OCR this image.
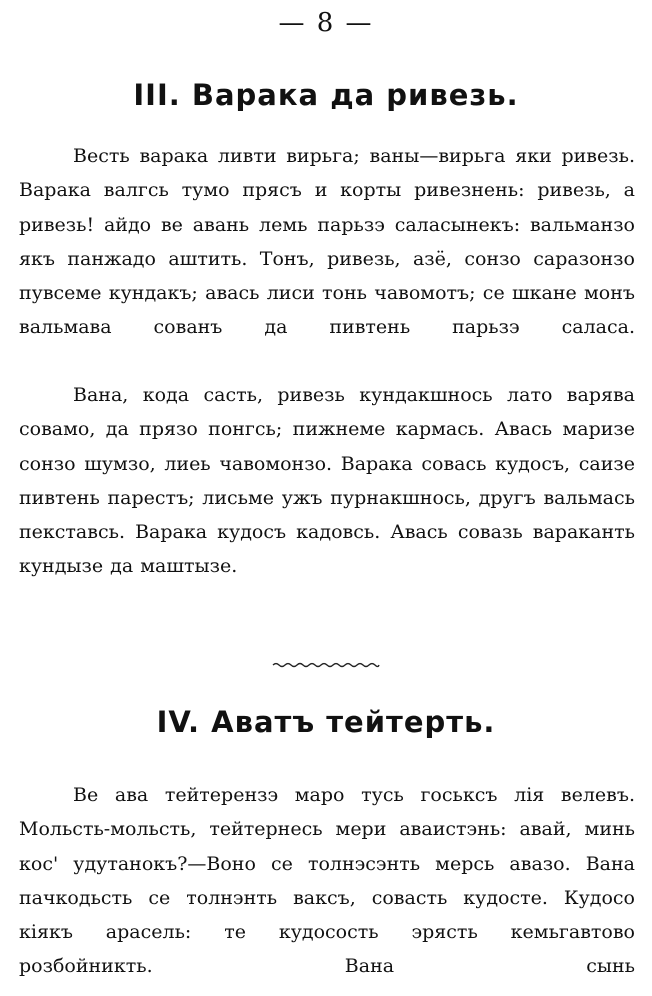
— 8 —
III. Варака да ривезь.

Весть варака ливти вирьга; ваны—вирьга яки ривезь. Варака валгсь тумо прясъ и корты ривезнень: ривезь, а ривезь! айдо ве авань лемь парьзэ саласынекъ: вальманзо якъ панжадо аштить. Тонъ, ривезь, азё, сонзо саразонзо пувсеме кундакъ; авась лиси тонь чавомотъ; се шкане монъ вальмава сованъ да пивтень парьзэ саласа.

Вана, кода састь, ривезь кундакшнось лато варява совамо, да прязо понгсь; пижнеме кармась. Авась маризе сонзо шумзо, лиеь чавомонзо. Варака совась кудосъ, саизе пивтень парестъ; лисьме ужъ пурнакшнось, другъ вальмась пекставсь. Варака кудосъ кадовсь. Авась совазь вараканть кундызе да маштызе.

IV. Аватъ тейтерть.

Ве ава тейтерензэ маро тусь госьксъ лія велевъ. Мольсть-мольсть, тейтернесь мери аваистэнь: авай, минь кос' удутанокъ?—Воно се толнэсэнть мерсь авазо. Вана пачкодьсть се толнэнть ваксъ, совасть кудосте. Кудосо кіякъ арасель: те кудосость эрясть кемьгавтово розбойникть. Вана сынь
